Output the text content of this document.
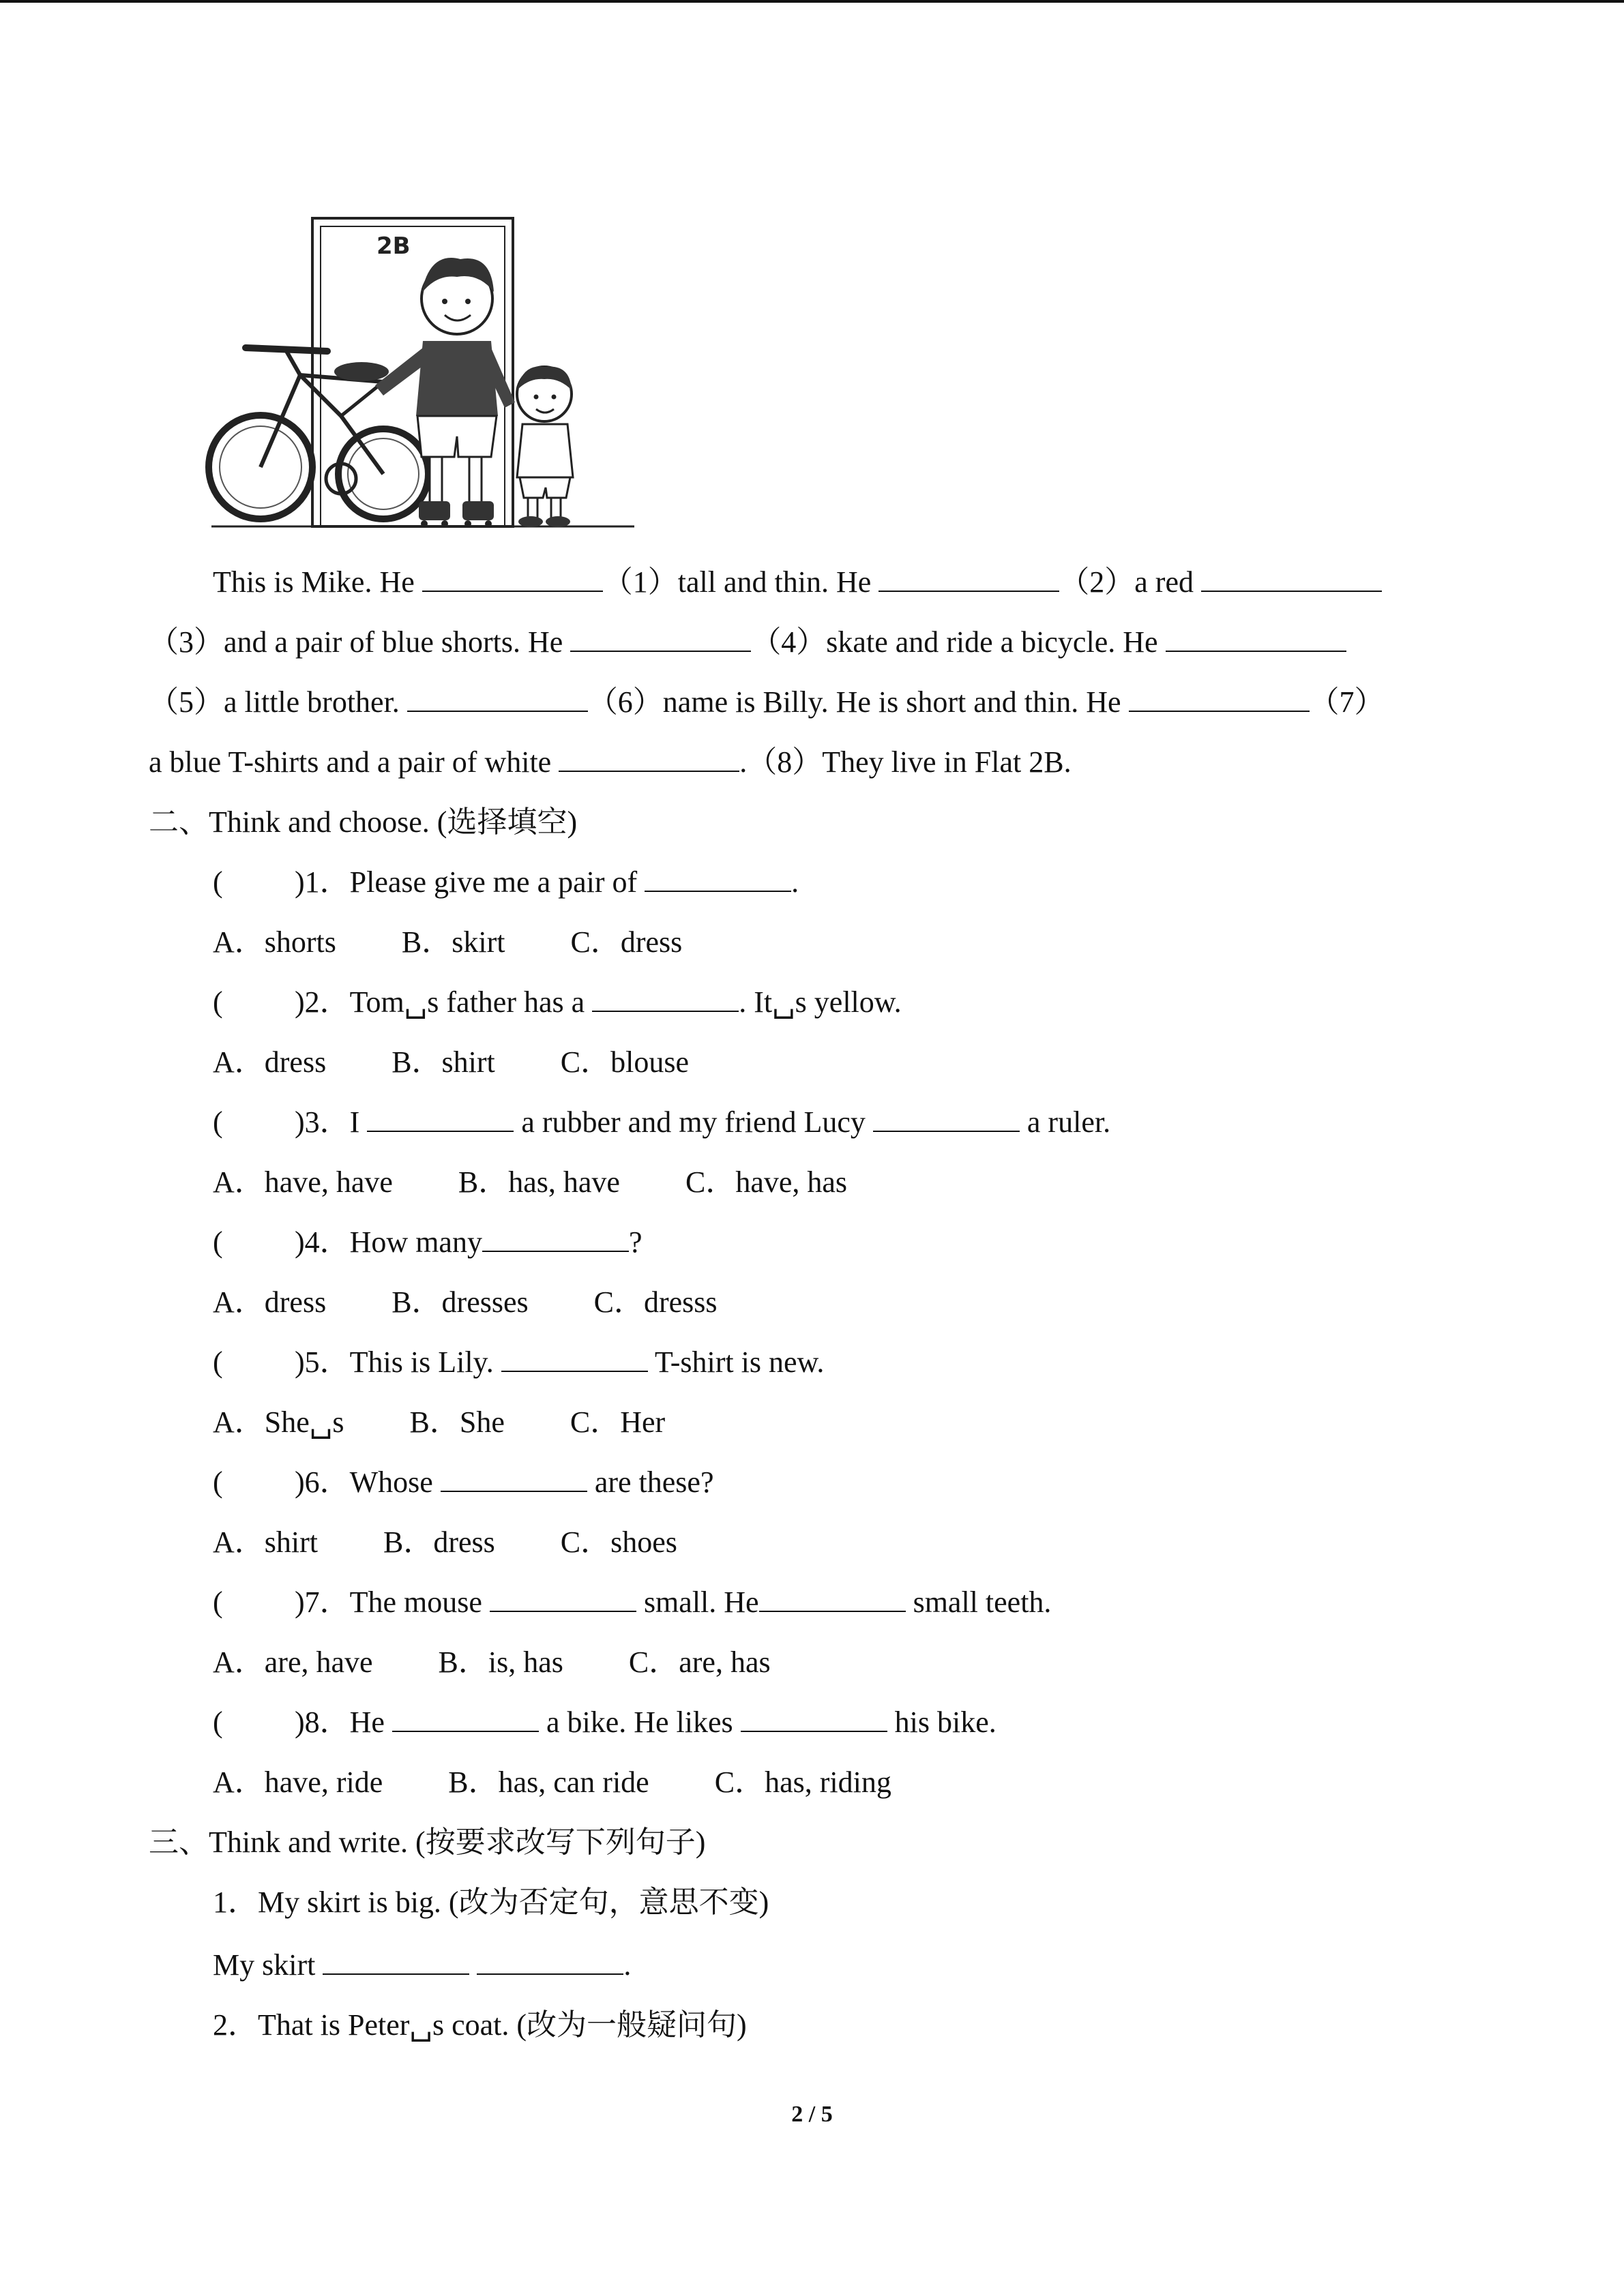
2B
This is Mike. He	（1）tall and thin. He	（2）a red
（3）and a pair of blue shorts. He	（4）skate and ride a bicycle. He
（5）a little brother.	（6）name is Billy. He is short and thin. He	（7）
a blue T-shirts and a pair of white	.（8）They live in Flat 2B.
二、Think and choose. (选择填空)
( )1．Please give me a pair of	.
A．shorts B．skirt C．dress
( )2．Tom␣s father has a	. It␣s yellow.
A．dress B．shirt C．blouse
( )3．I	a rubber and my friend Lucy	a ruler.
A．have, have B．has, have C．have, has
( )4．How many	?
A．dress B．dresses C．dresss
( )5．This is Lily.	T-shirt is new.
A．She␣s B．She C．Her
( )6．Whose	are these?
A．shirt B．dress C．shoes
( )7．The mouse	small. He	small teeth.
A．are, have B．is, has C．are, has
( )8．He	a bike. He likes	his bike.
A．have, ride B．has, can ride C．has, riding
三、Think and write. (按要求改写下列句子)
1．My skirt is big. (改为否定句，意思不变)
My skirt	.
2．That is Peter␣s coat. (改为一般疑问句)
2 / 5
